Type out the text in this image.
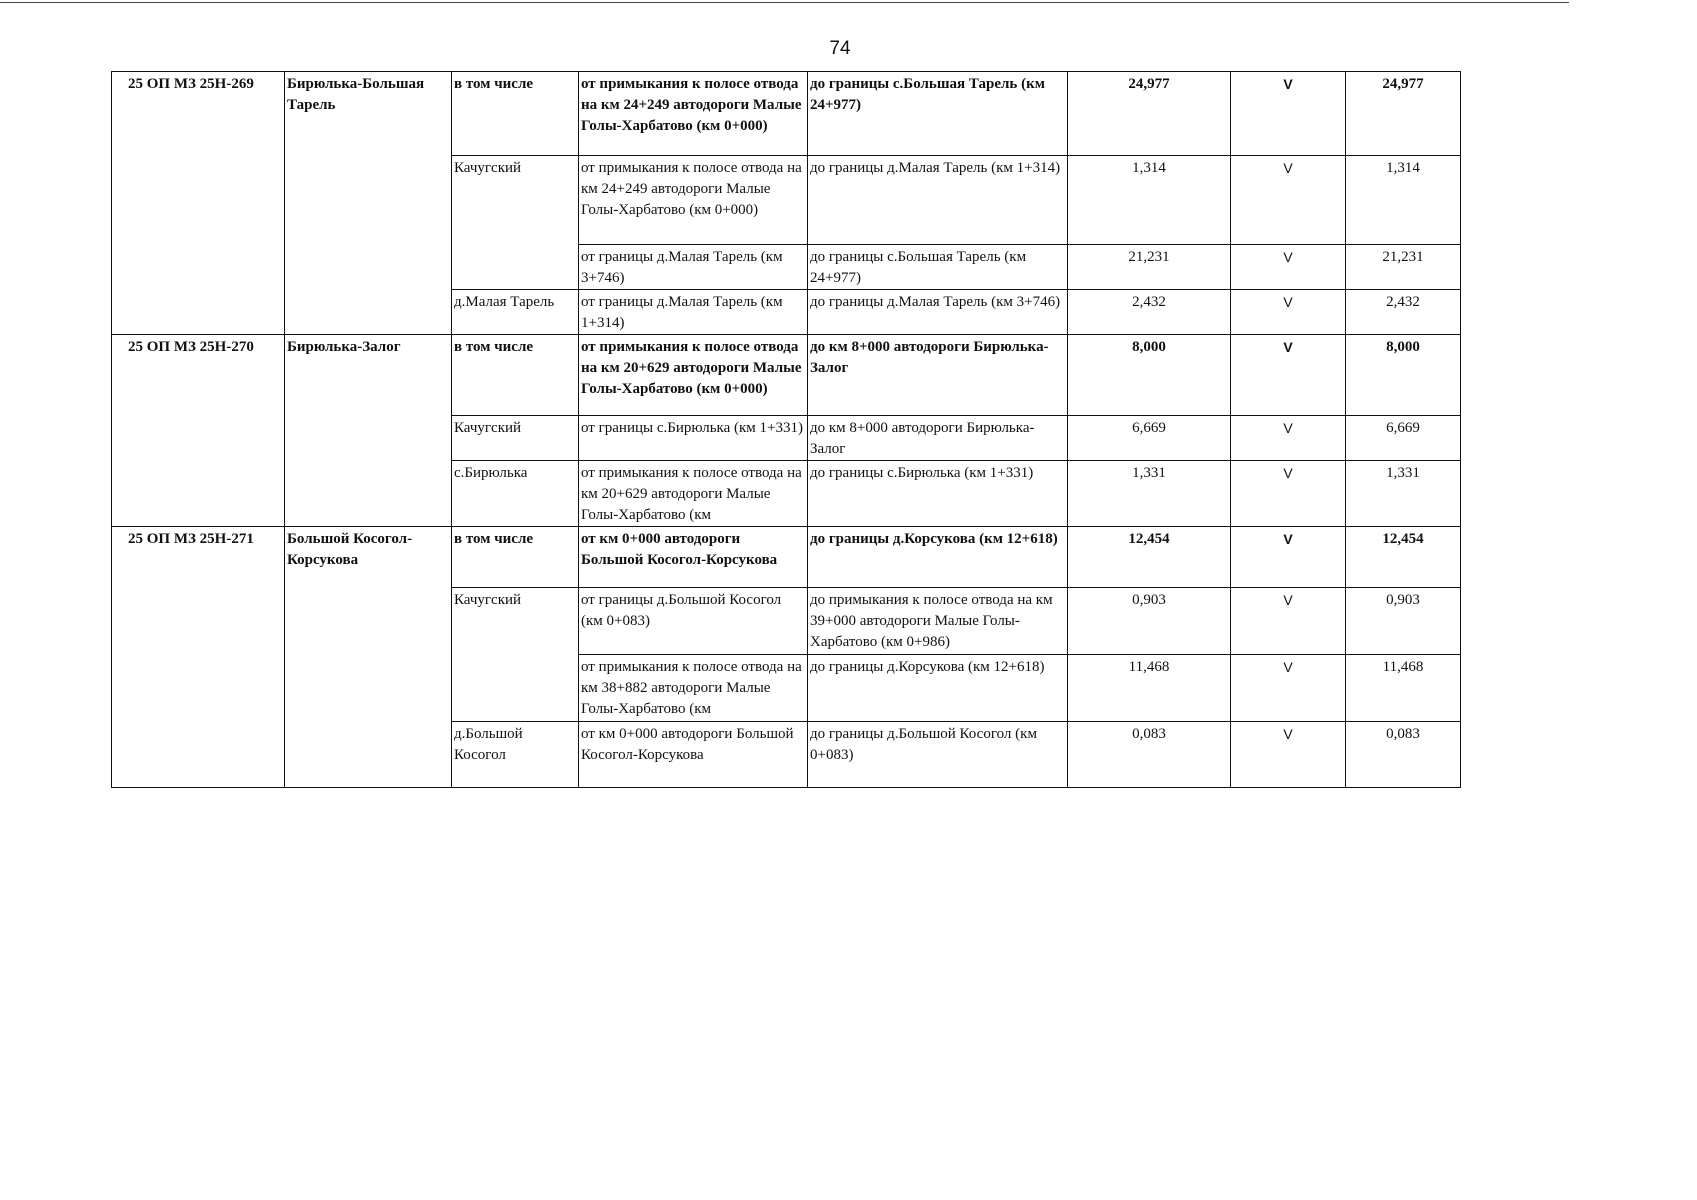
74
25 ОП МЗ 25Н-269	Бирюлька-Большая Тарель	в том числе	от примыкания к полосе отвода на км 24+249 автодороги Малые Голы-Харбатово (км 0+000)	до границы с.Большая Тарель (км 24+977)	24,977	V	24,977
		Качугский	от примыкания к полосе отвода на км 24+249 автодороги Малые Голы-Харбатово (км 0+000)	до границы д.Малая Тарель (км 1+314)	1,314	V	1,314
			от границы д.Малая Тарель (км 3+746)	до границы с.Большая Тарель (км 24+977)	21,231	V	21,231
		д.Малая Тарель	от границы д.Малая Тарель (км 1+314)	до границы д.Малая Тарель (км 3+746)	2,432	V	2,432
25 ОП МЗ 25Н-270	Бирюлька-Залог	в том числе	от примыкания к полосе отвода на км 20+629 автодороги Малые Голы-Харбатово (км 0+000)	до км 8+000 автодороги Бирюлька-Залог	8,000	V	8,000
		Качугский	от границы с.Бирюлька (км 1+331)	до км 8+000 автодороги Бирюлька-Залог	6,669	V	6,669
		с.Бирюлька	от примыкания к полосе отвода на км 20+629 автодороги Малые Голы-Харбатово (км	до границы с.Бирюлька (км 1+331)	1,331	V	1,331
25 ОП МЗ 25Н-271	Большой Косогол-Корсукова	в том числе	от км 0+000 автодороги Большой Косогол-Корсукова	до границы д.Корсукова (км 12+618)	12,454	V	12,454
		Качугский	от границы д.Большой Косогол (км 0+083)	до примыкания к полосе отвода на км 39+000 автодороги Малые Голы-Харбатово (км 0+986)	0,903	V	0,903
			от примыкания к полосе отвода на км 38+882 автодороги Малые Голы-Харбатово (км	до границы д.Корсукова (км 12+618)	11,468	V	11,468
		д.Большой Косогол	от км 0+000 автодороги Большой Косогол-Корсукова	до границы д.Большой Косогол (км 0+083)	0,083	V	0,083
